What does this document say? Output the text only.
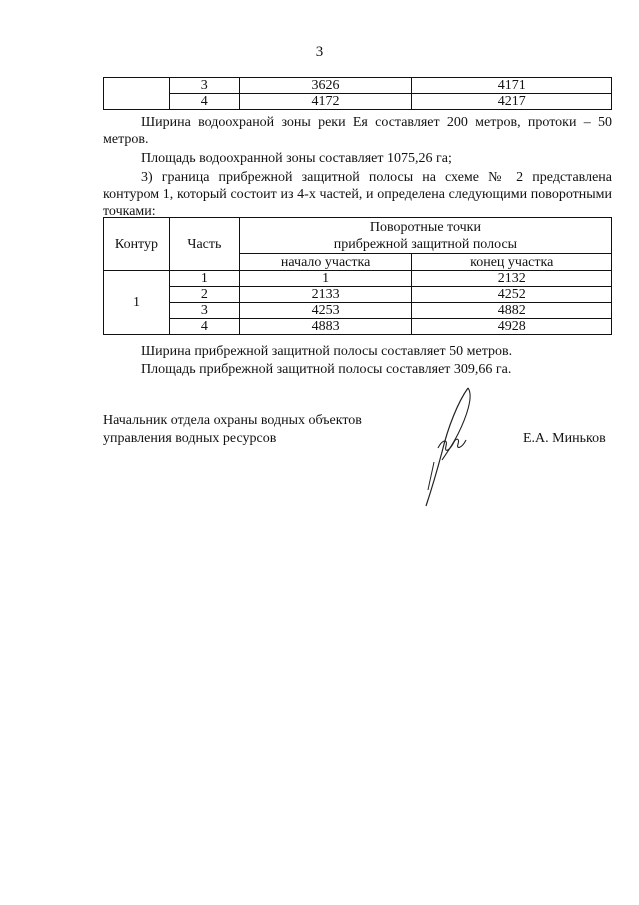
3
	3	3626	4171
	4	4172	4217
Ширина водоохраной зоны реки Ея составляет 200 метров, протоки – 50 метров.
Площадь водоохранной зоны составляет 1075,26 га;
3) граница прибрежной защитной полосы на схеме № 2 представлена контуром 1, который состоит из 4-х частей, и определена следующими поворотными точками:
Контур	Часть	Поворотные точки
прибрежной защитной полосы	

		начало участка	конец участка
1	1	1	2132
	2	2133	4252
	3	4253	4882
	4	4883	4928
Ширина прибрежной защитной полосы составляет 50 метров.
Площадь прибрежной защитной полосы составляет 309,66 га.
Начальник отдела охраны водных объектов
управления водных ресурсов	Е.А. Миньков
